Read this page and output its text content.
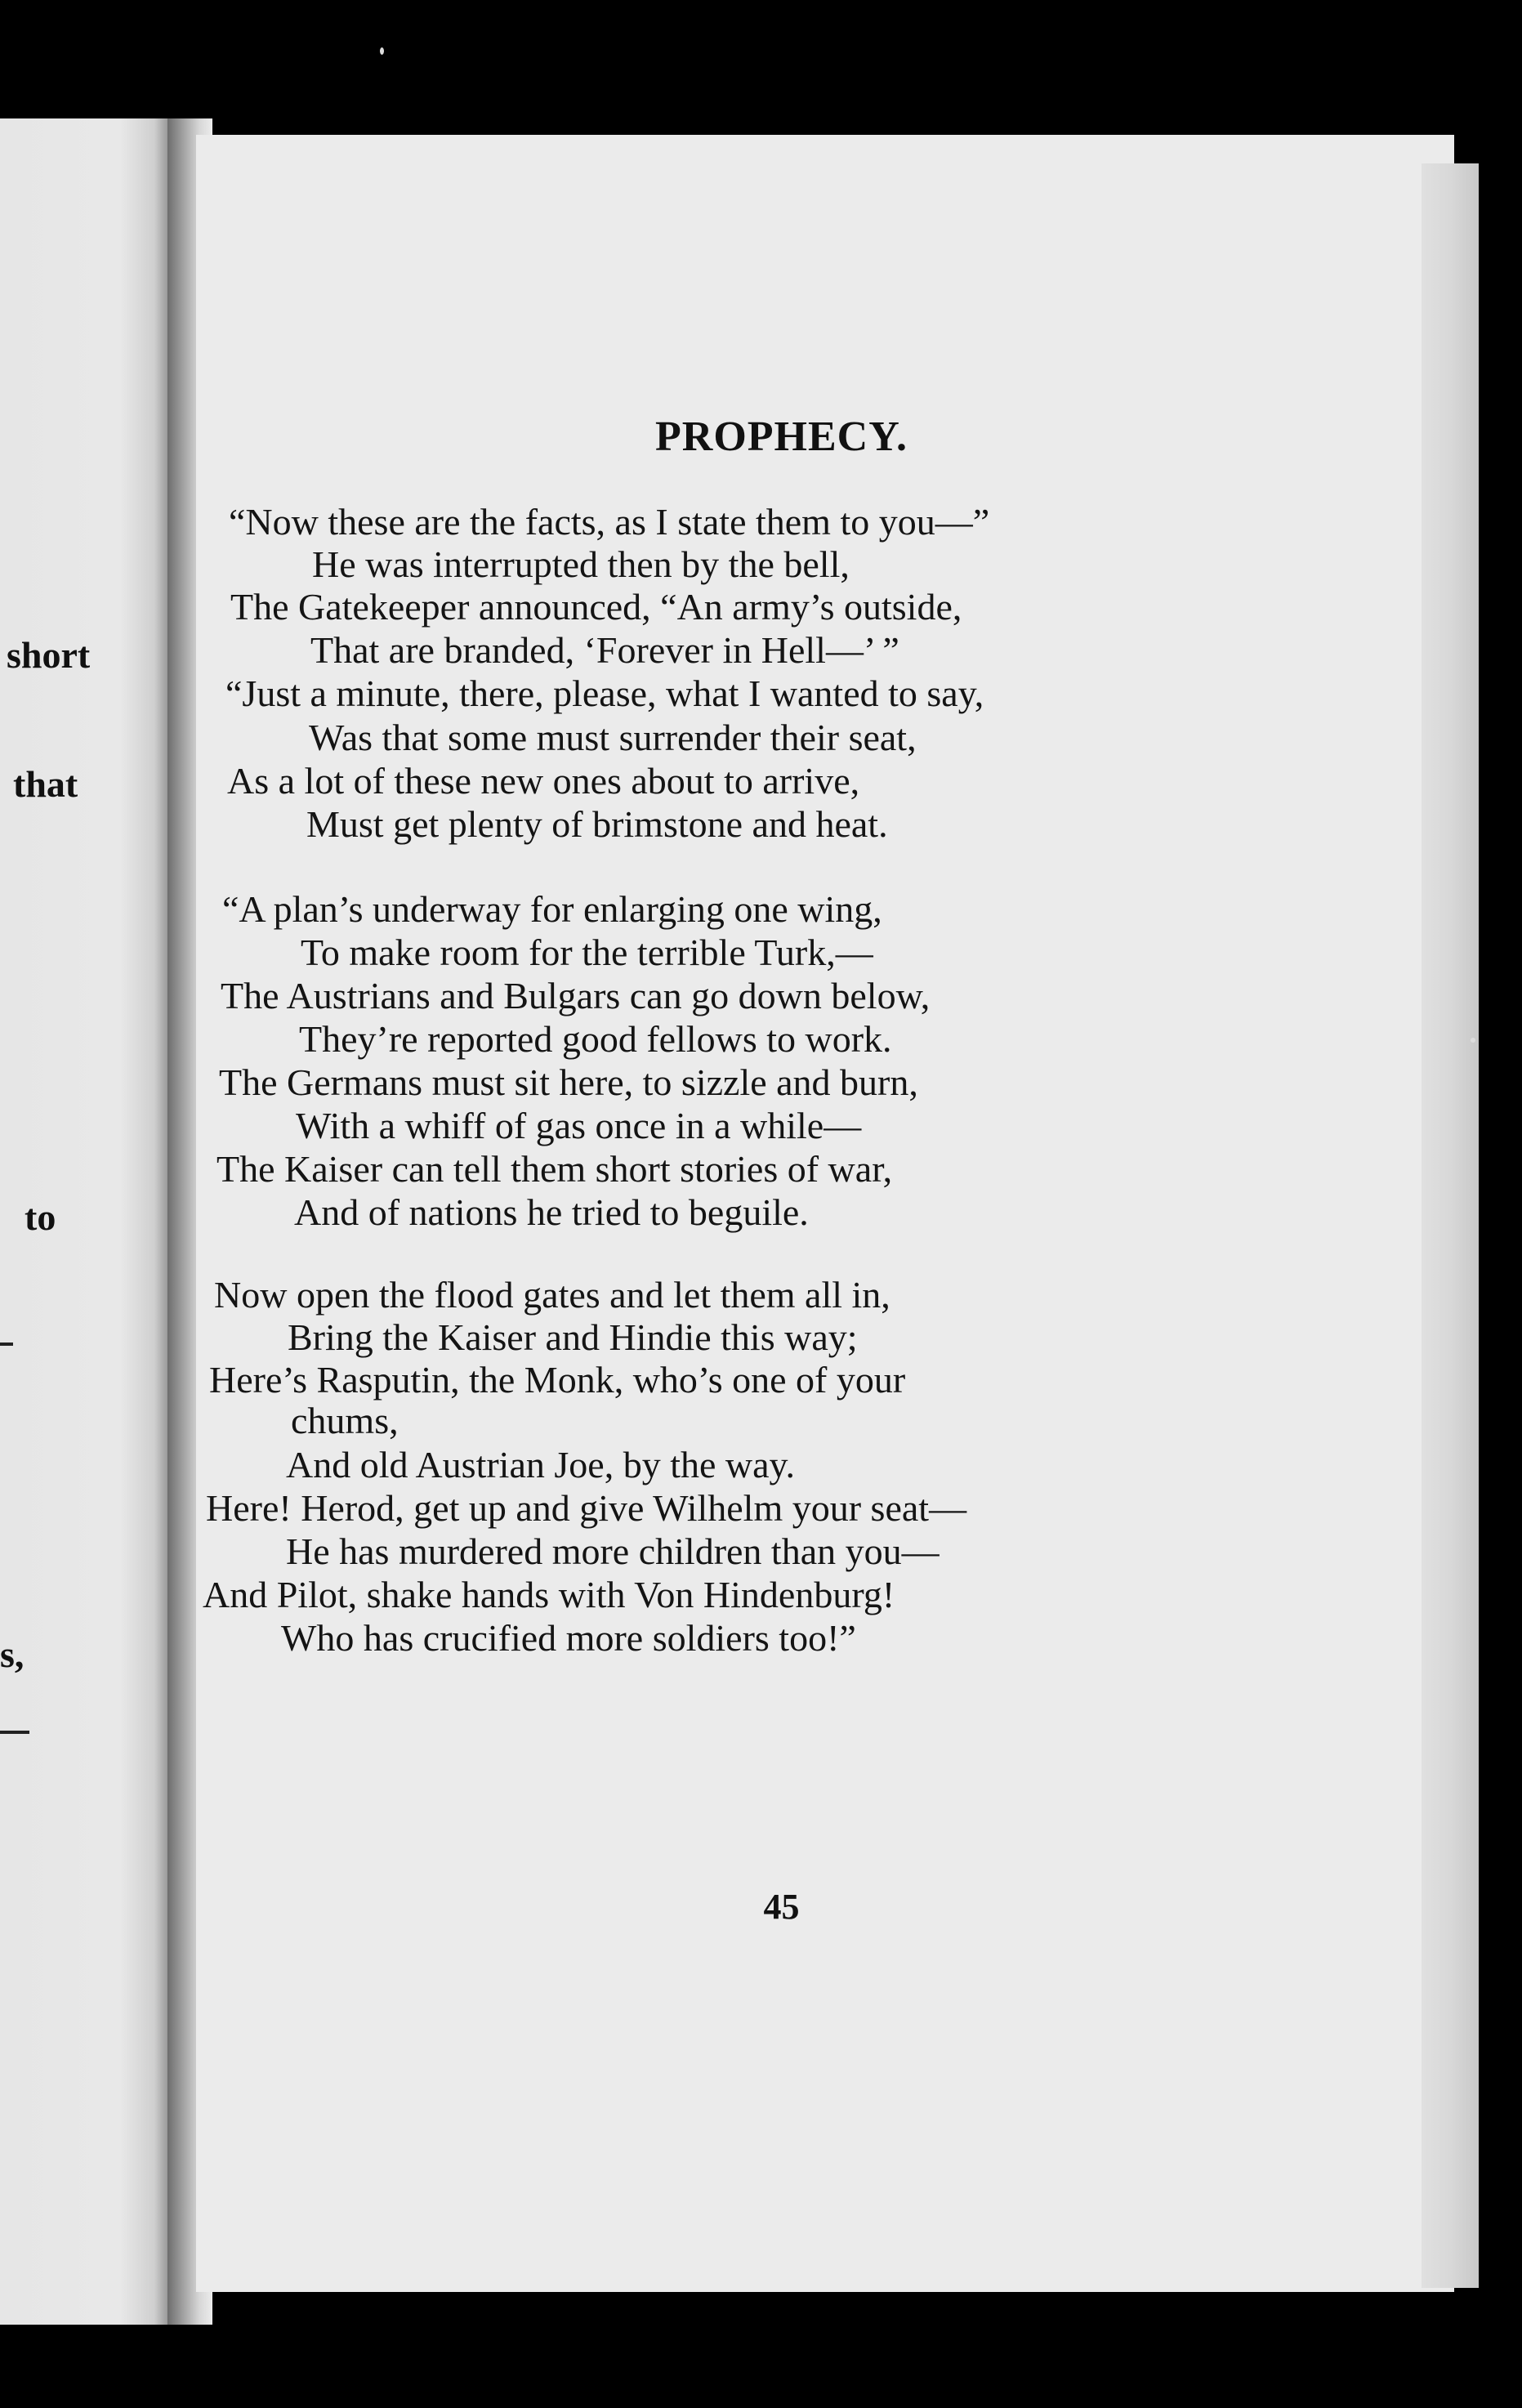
short
that
to
s,
PROPHECY.
“Now these are the facts, as I state them to you—”
He was interrupted then by the bell,
The Gatekeeper announced, “An army’s outside,
That are branded, ‘Forever in Hell—’ ”
“Just a minute, there, please, what I wanted to say,
Was that some must surrender their seat,
As a lot of these new ones about to arrive,
Must get plenty of brimstone and heat.
“A plan’s underway for enlarging one wing,
To make room for the terrible Turk,—
The Austrians and Bulgars can go down below,
They’re reported good fellows to work.
The Germans must sit here, to sizzle and burn,
With a whiff of gas once in a while—
The Kaiser can tell them short stories of war,
And of nations he tried to beguile.
Now open the flood gates and let them all in,
Bring the Kaiser and Hindie this way;
Here’s Rasputin, the Monk, who’s one of your
chums,
And old Austrian Joe, by the way.
Here! Herod, get up and give Wilhelm your seat—
He has murdered more children than you—
And Pilot, shake hands with Von Hindenburg!
Who has crucified more soldiers too!”
45
